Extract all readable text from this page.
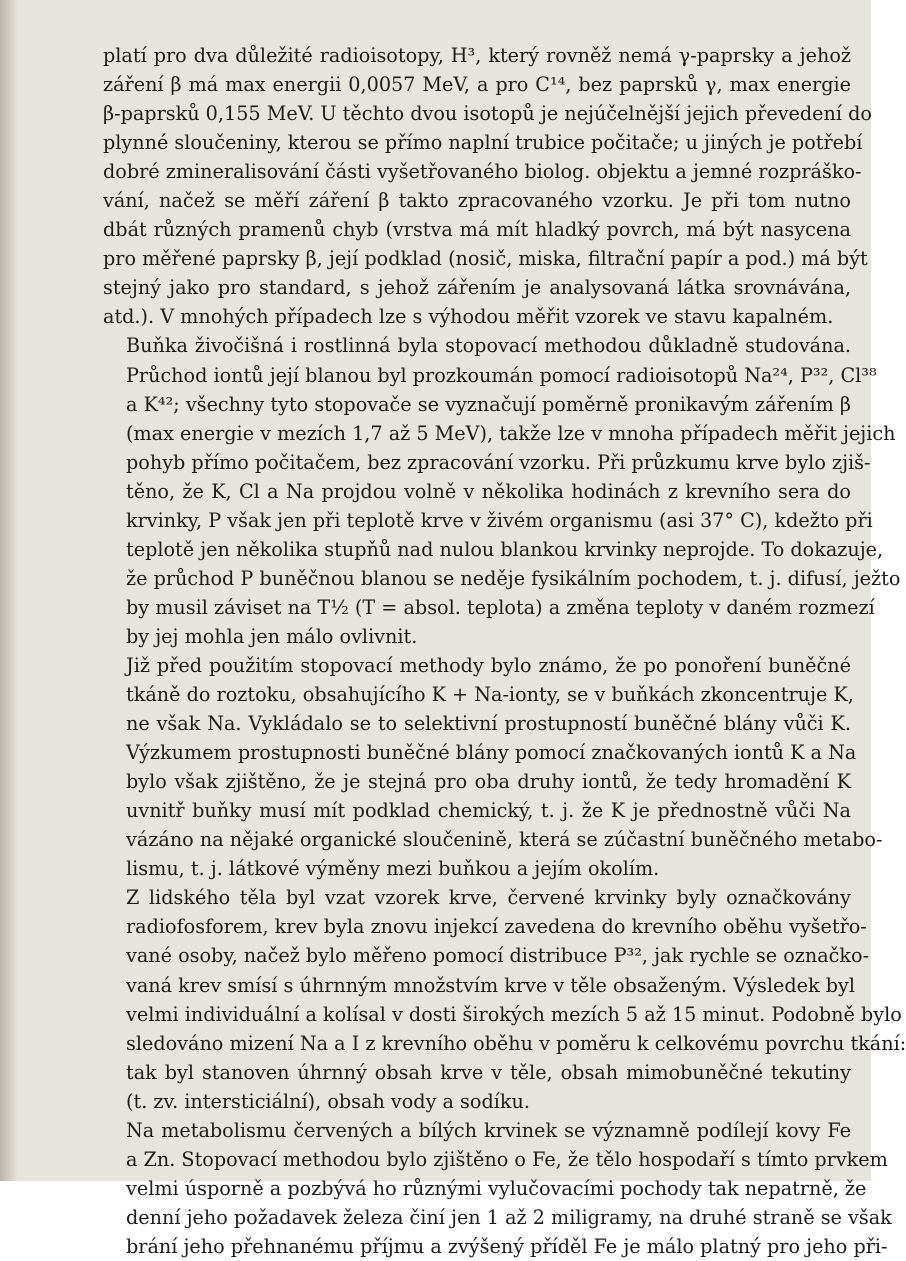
platí pro dva důležité radioisotopy, H³, který rovněž nemá γ-paprsky a jehož
záření β má max energii 0,0057 MeV, a pro C¹⁴, bez paprsků γ, max energie
β-paprsků 0,155 MeV. U těchto dvou isotopů je nejúčelnější jejich převedení do
plynné sloučeniny, kterou se přímo naplní trubice počitače; u jiných je potřebí
dobré zmineralisování části vyšetřovaného biolog. objektu a jemné rozpráško-
vání, načež se měří záření β takto zpracovaného vzorku. Je při tom nutno
dbát různých pramenů chyb (vrstva má mít hladký povrch, má být nasycena
pro měřené paprsky β, její podklad (nosič, miska, filtrační papír a pod.) má být
stejný jako pro standard, s jehož zářením je analysovaná látka srovnávána,
atd.). V mnohých případech lze s výhodou měřit vzorek ve stavu kapalném.

Buňka živočišná i rostlinná byla stopovací methodou důkladně studována.
Průchod iontů její blanou byl prozkoumán pomocí radioisotopů Na²⁴, P³², Cl³⁸
a K⁴²; všechny tyto stopovače se vyznačují poměrně pronikavým zářením β
(max energie v mezích 1,7 až 5 MeV), takže lze v mnoha případech měřit jejich
pohyb přímo počitačem, bez zpracování vzorku. Při průzkumu krve bylo zjiš-
těno, že K, Cl a Na projdou volně v několika hodinách z krevního sera do
krvinky, P však jen při teplotě krve v živém organismu (asi 37° C), kdežto při
teplotě jen několika stupňů nad nulou blankou krvinky neprojde. To dokazuje,
že průchod P buněčnou blanou se neděje fysikálním pochodem, t. j. difusí, ježto
by musil záviset na T½ (T = absol. teplota) a změna teploty v daném rozmezí
by jej mohla jen málo ovlivnit.

Již před použitím stopovací methody bylo známo, že po ponoření buněčné
tkáně do roztoku, obsahujícího K + Na-ionty, se v buňkách zkoncentruje K,
ne však Na. Vykládalo se to selektivní prostupností buněčné blány vůči K.
Výzkumem prostupnosti buněčné blány pomocí značkovaných iontů K a Na
bylo však zjištěno, že je stejná pro oba druhy iontů, že tedy hromadění K
uvnitř buňky musí mít podklad chemický, t. j. že K je přednostně vůči Na
vázáno na nějaké organické sloučenině, která se zúčastní buněčného metabo-
lismu, t. j. látkové výměny mezi buňkou a jejím okolím.

Z lidského těla byl vzat vzorek krve, červené krvinky byly označkovány
radiofosforem, krev byla znovu injekcí zavedena do krevního oběhu vyšetřo-
vané osoby, načež bylo měřeno pomocí distribuce P³², jak rychle se označko-
vaná krev smísí s úhrnným množstvím krve v těle obsaženým. Výsledek byl
velmi individuální a kolísal v dosti širokých mezích 5 až 15 minut. Podobně bylo
sledováno mizení Na a I z krevního oběhu v poměru k celkovému povrchu tkání:
tak byl stanoven úhrnný obsah krve v těle, obsah mimobuněčné tekutiny
(t. zv. intersticiální), obsah vody a sodíku.

Na metabolismu červených a bílých krvinek se významně podílejí kovy Fe
a Zn. Stopovací methodou bylo zjištěno o Fe, že tělo hospodaří s tímto prvkem
velmi úsporně a pozbývá ho různými vylučovacími pochody tak nepatrně, že
denní jeho požadavek železa činí jen 1 až 2 miligramy, na druhé straně se však
brání jeho přehnanému příjmu a zvýšený příděl Fe je málo platný pro jeho při-
